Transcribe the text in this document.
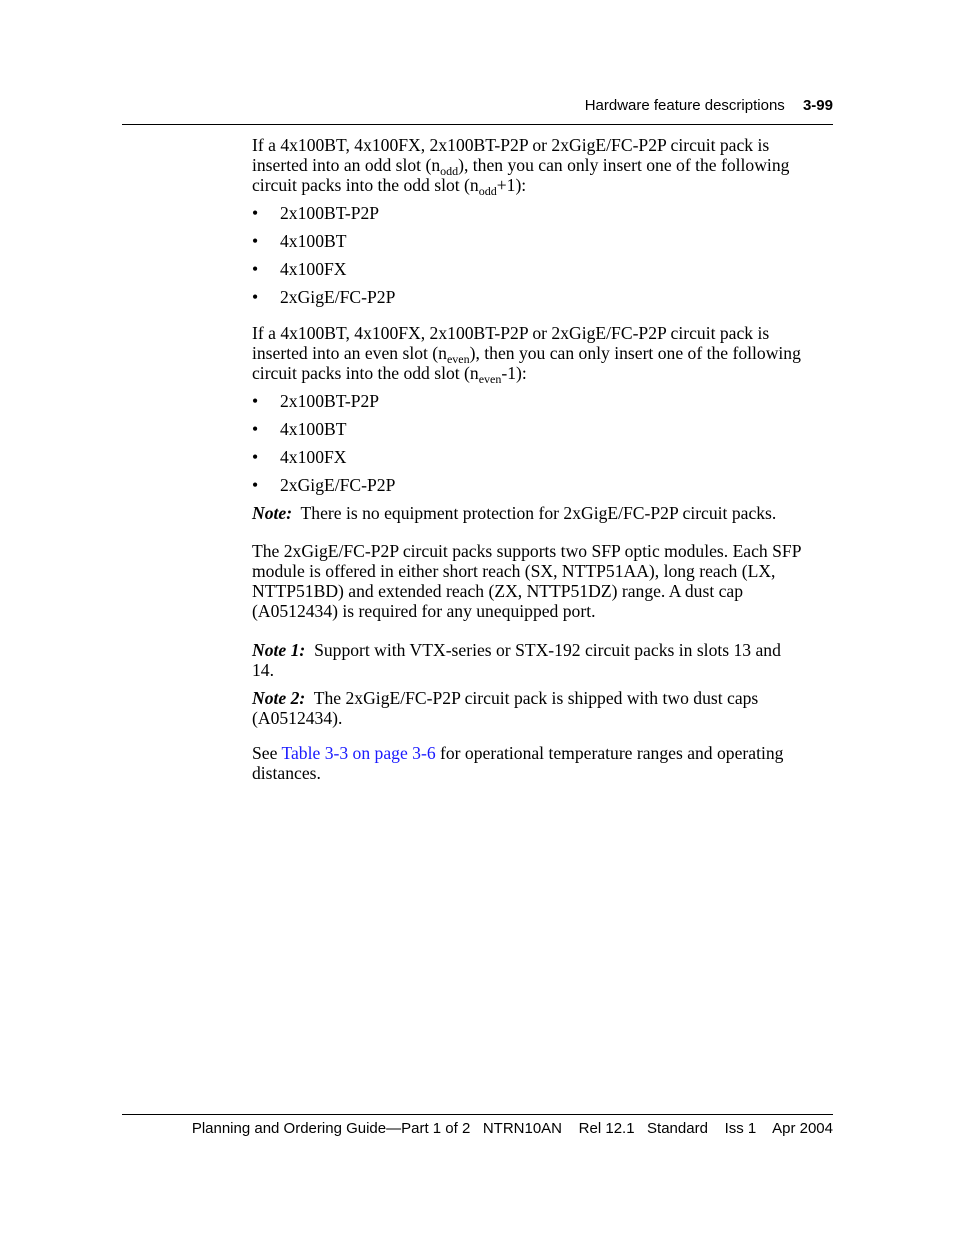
Hardware feature descriptions 3-99

If a 4x100BT, 4x100FX, 2x100BT-P2P or 2xGigE/FC-P2P circuit pack is
inserted into an odd slot $(n_{odd})$, then you can only insert one of the following
circuit packs into the odd slot $(n_{odd}+1)$:

• 2x100BT-P2P
• 4x100BT
• 4x100FX
• 2xGigE/FC-P2P

If a 4x100BT, 4x100FX, 2x100BT-P2P or 2xGigE/FC-P2P circuit pack is
inserted into an even slot $(n_{even})$, then you can only insert one of the following
circuit packs into the odd slot $(n_{even}-1)$:

• 2x100BT-P2P
• 4x100BT
• 4x100FX
• 2xGigE/FC-P2P

Note: There is no equipment protection for 2xGigE/FC-P2P circuit packs.

The 2xGigE/FC-P2P circuit packs supports two SFP optic modules. Each SFP
module is offered in either short reach (SX, NTTP51AA), long reach (LX,
NTTP51BD) and extended reach (ZX, NTTP51DZ) range. A dust cap
(A0512434) is required for any unequipped port.

Note 1: Support with VTX-series or STX-192 circuit packs in slots 13 and
14.

Note 2: The 2xGigE/FC-P2P circuit pack is shipped with two dust caps
(A0512434).

See Table 3-3 on page 3-6 for operational temperature ranges and operating
distances.

Planning and Ordering Guide—Part 1 of 2   NTRN10AN    Rel 12.1   Standard    Iss 1    Apr 2004
